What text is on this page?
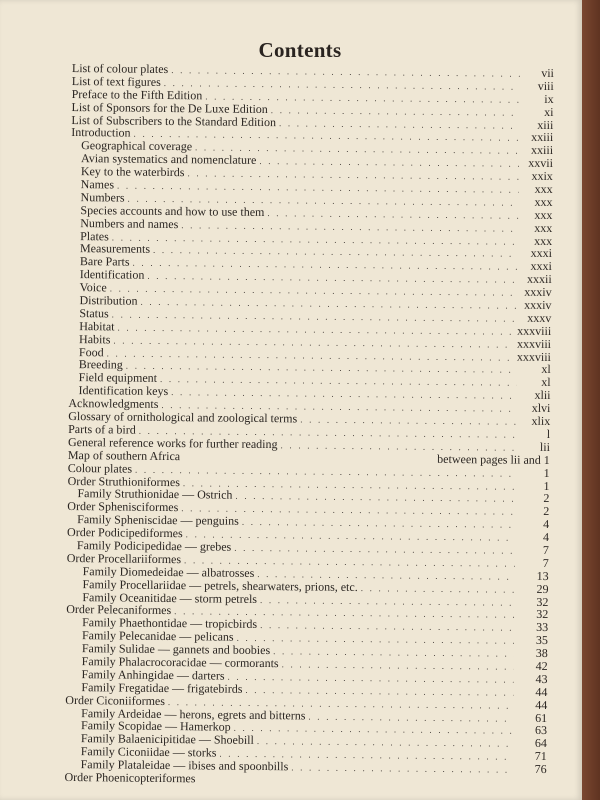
Contents
List of colour plates . . .	vii
List of text figures . . .	viii
Preface to the Fifth Edition . . .	ix
List of Sponsors for the De Luxe Edition . . .	xi
List of Subscribers to the Standard Edition . . .	xiii
Introduction . . .	xxiii
Geographical coverage . . .	xxiii
Avian systematics and nomenclature . . .	xxvii
Key to the waterbirds . . .	xxix
Names . . .	xxx
Numbers . . .	xxx
Species accounts and how to use them . . .	xxx
Numbers and names . . .	xxx
Plates . . .	xxx
Measurements . . .	xxxi
Bare Parts . . .	xxxi
Identification . . .	xxxii
Voice . . .	xxxiv
Distribution . . .	xxxiv
Status . . .	xxxv
Habitat . . .	xxxviii
Habits . . .	xxxviii
Food . . .	xxxviii
Breeding . . .	xl
Field equipment . . .	xl
Identification keys . . .	xlii
Acknowledgments . . .	xlvi
Glossary of ornithological and zoological terms . . .	xlix
Parts of a bird . . .	l
General reference works for further reading . . .	lii
Map of southern Africa	between pages lii and 1
Colour plates . . .	1
Order Struthioniformes . . .	1
Family Struthionidae — Ostrich . . .	2
Order Sphenisciformes . . .	2
Family Spheniscidae — penguins . . .	4
Order Podicipediformes . . .	4
Family Podicipedidae — grebes . . .	7
Order Procellariiformes . . .	7
Family Diomedeidae — albatrosses . . .	13
Family Procellariidae — petrels, shearwaters, prions, etc. . . .	29
Family Oceanitidae — storm petrels . . .	32
Order Pelecaniformes . . .	32
Family Phaethontidae — tropicbirds . . .	33
Family Pelecanidae — pelicans . . .	35
Family Sulidae — gannets and boobies . . .	38
Family Phalacrocoracidae — cormorants . . .	42
Family Anhingidae — darters . . .	43
Family Fregatidae — frigatebirds . . .	44
Order Ciconiiformes . . .	44
Family Ardeidae — herons, egrets and bitterns . . .	61
Family Scopidae — Hamerkop . . .	63
Family Balaenicipitidae — Shoebill . . .	64
Family Ciconiidae — storks . . .	71
Family Plataleidae — ibises and spoonbills . . .	76
Order Phoenicopteriformes
